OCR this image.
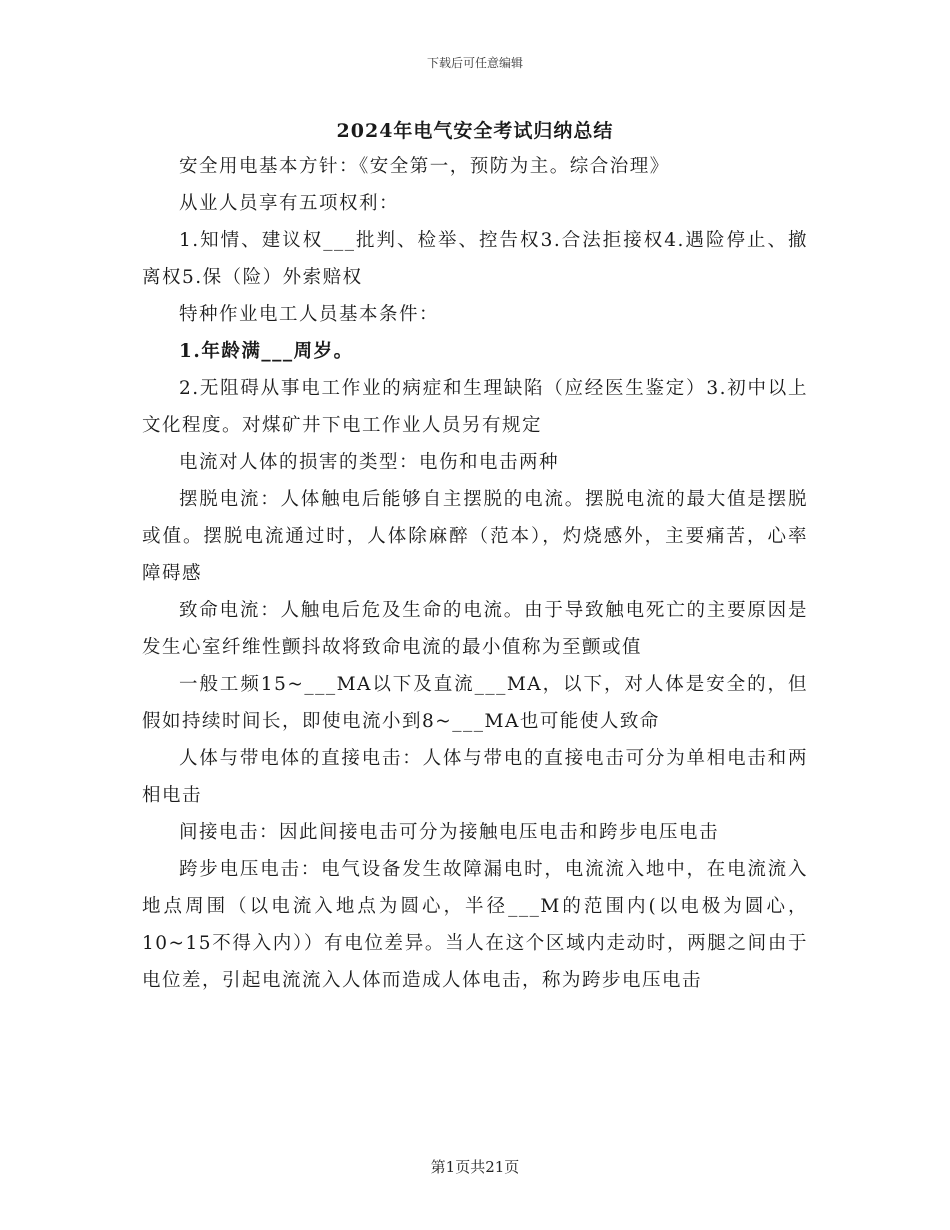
下载后可任意编辑
2024年电气安全考试归纳总结

安全用电基本方针：《安全第一，预防为主。综合治理》

从业人员享有五项权利：

1.知情、建议权___批判、检举、控告权3.合法拒接权4.遇险停止、撤离权5.保（险）外索赔权

特种作业电工人员基本条件：

1.年龄满___周岁。

2.无阻碍从事电工作业的病症和生理缺陷（应经医生鉴定）3.初中以上文化程度。对煤矿井下电工作业人员另有规定

电流对人体的损害的类型：电伤和电击两种

摆脱电流：人体触电后能够自主摆脱的电流。摆脱电流的最大值是摆脱或值。摆脱电流通过时，人体除麻醉（范本），灼烧感外，主要痛苦，心率障碍感

致命电流：人触电后危及生命的电流。由于导致触电死亡的主要原因是发生心室纤维性颤抖故将致命电流的最小值称为至颤或值

一般工频15~___MA以下及直流___MA，以下，对人体是安全的，但假如持续时间长，即使电流小到8~___MA也可能使人致命

人体与带电体的直接电击：人体与带电的直接电击可分为单相电击和两相电击

间接电击：因此间接电击可分为接触电压电击和跨步电压电击

跨步电压电击：电气设备发生故障漏电时，电流流入地中，在电流流入地点周围（以电流入地点为圆心，半径___M的范围内(以电极为圆心，10~15不得入内））有电位差异。当人在这个区域内走动时，两腿之间由于电位差，引起电流流入人体而造成人体电击，称为跨步电压电击

第1页共21页
